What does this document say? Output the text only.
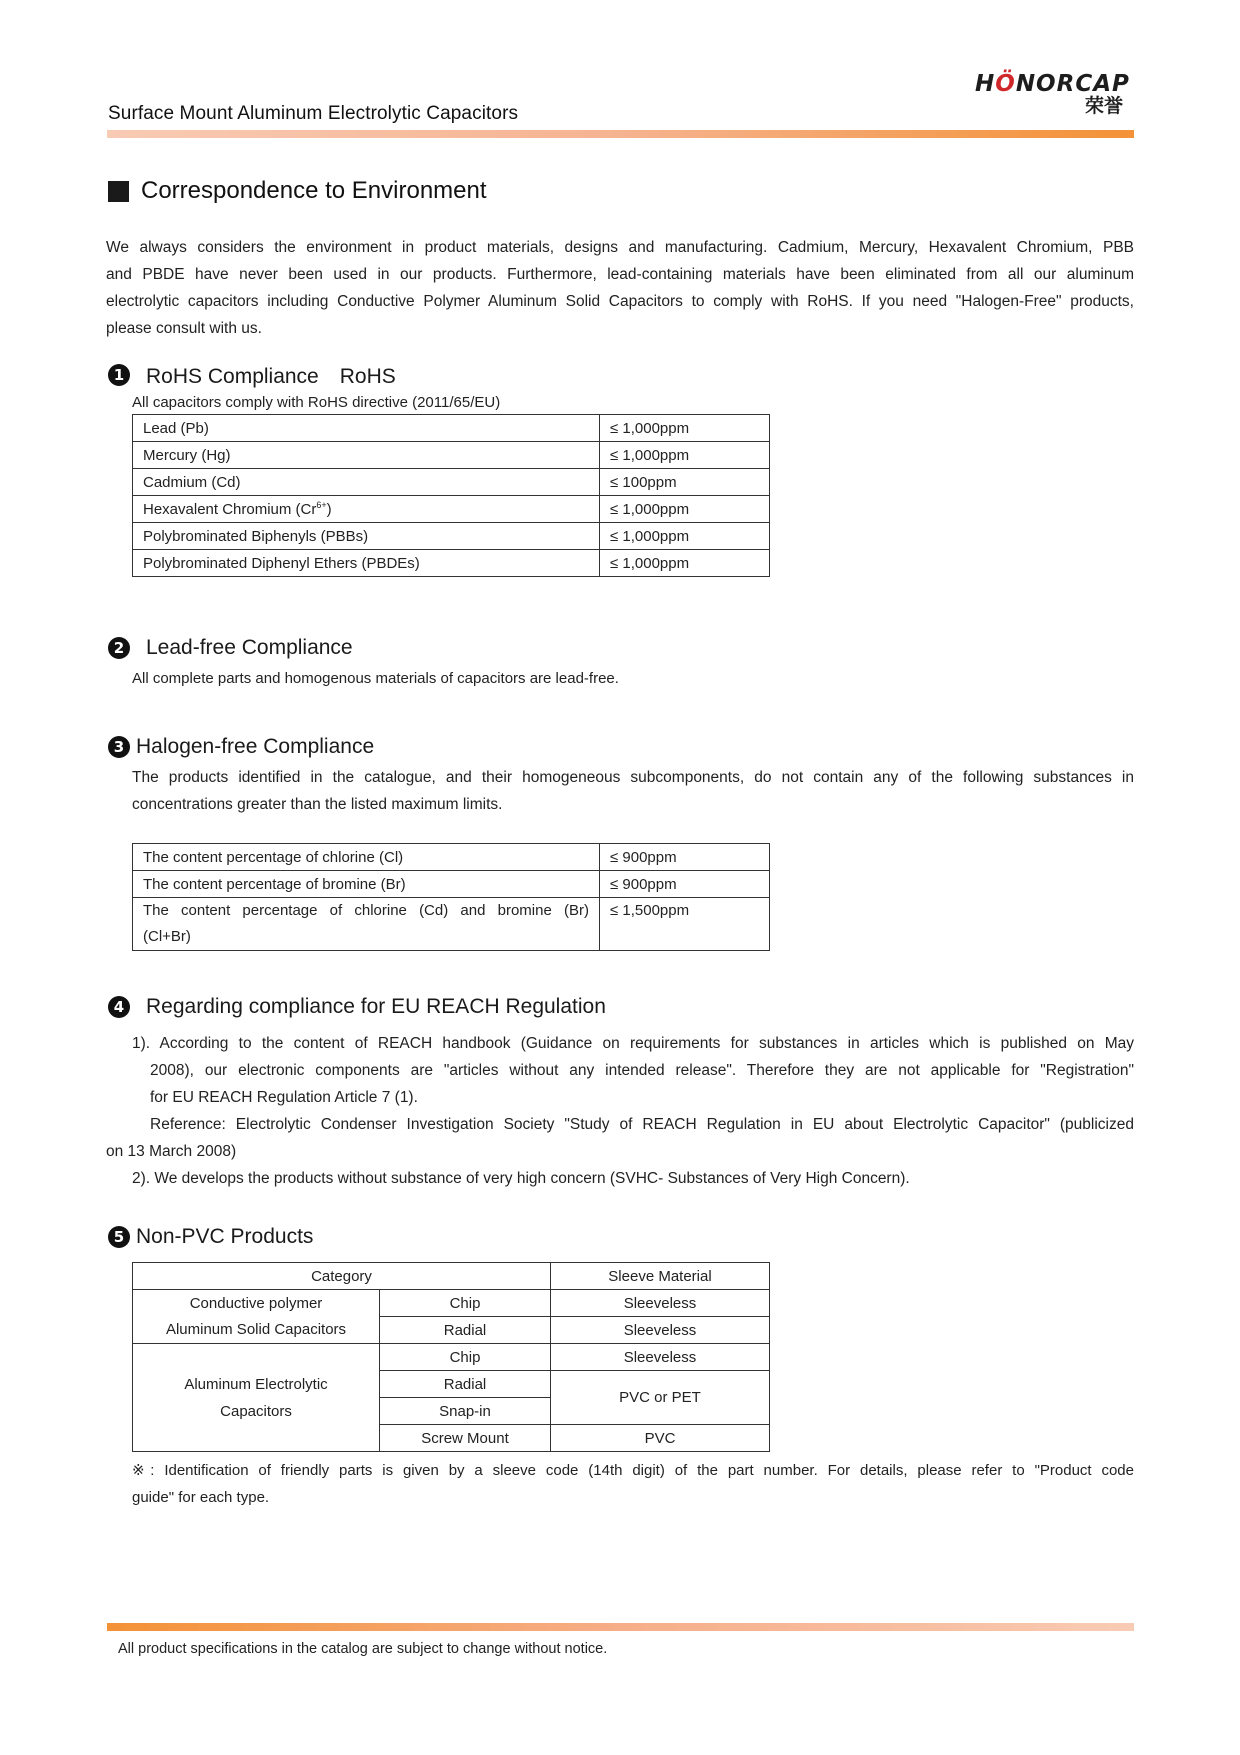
Surface Mount Aluminum Electrolytic Capacitors
HÖNORCAP
荣誉
Correspondence to Environment
We always considers the environment in product materials, designs and manufacturing. Cadmium, Mercury, Hexavalent Chromium, PBB
and PBDE have never been used in our products. Furthermore, lead-containing materials have been eliminated from all our aluminum
electrolytic capacitors including Conductive Polymer Aluminum Solid Capacitors to comply with RoHS. If you need "Halogen-Free" products,
please consult with us.
1 RoHS Compliance　RoHS
All capacitors comply with RoHS directive (2011/65/EU)
Lead (Pb)	≤ 1,000ppm
Mercury (Hg)	≤ 1,000ppm
Cadmium (Cd)	≤ 100ppm
Hexavalent Chromium $(Cr^{6+})$	≤ 1,000ppm
Polybrominated Biphenyls (PBBs)	≤ 1,000ppm
Polybrominated Diphenyl Ethers (PBDEs)	≤ 1,000ppm
2 Lead-free Compliance
All complete parts and homogenous materials of capacitors are lead-free.
3 Halogen-free Compliance
The products identified in the catalogue, and their homogeneous subcomponents, do not contain any of the following substances in
concentrations greater than the listed maximum limits.
The content percentage of chlorine (Cl)	≤ 900ppm
The content percentage of bromine (Br)	≤ 900ppm

The content percentage of chlorine (Cd) and bromine (Br)
(Cl+Br)	≤ 1,500ppm
4 Regarding compliance for EU REACH Regulation
1). According to the content of REACH handbook (Guidance on requirements for substances in articles which is published on May
2008), our electronic components are "articles without any intended release". Therefore they are not applicable for "Registration"
for EU REACH Regulation Article 7 (1).
Reference: Electrolytic Condenser Investigation Society "Study of REACH Regulation in EU about Electrolytic Capacitor" (publicized
on 13 March 2008)
2). We develops the products without substance of very high concern (SVHC- Substances of Very High Concern).
5 Non-PVC Products
Category		Sleeve Material

Conductive polymer
Aluminum Solid Capacitors	Chip	Sleeveless
	Radial	Sleeveless

Aluminum Electrolytic
Capacitors	Chip	Sleeveless
	Radial	PVC or PET
	Snap-in	
	Screw Mount	PVC
※: Identification of friendly parts is given by a sleeve code (14th digit) of the part number. For details, please refer to "Product code
guide" for each type.
All product specifications in the catalog are subject to change without notice.
